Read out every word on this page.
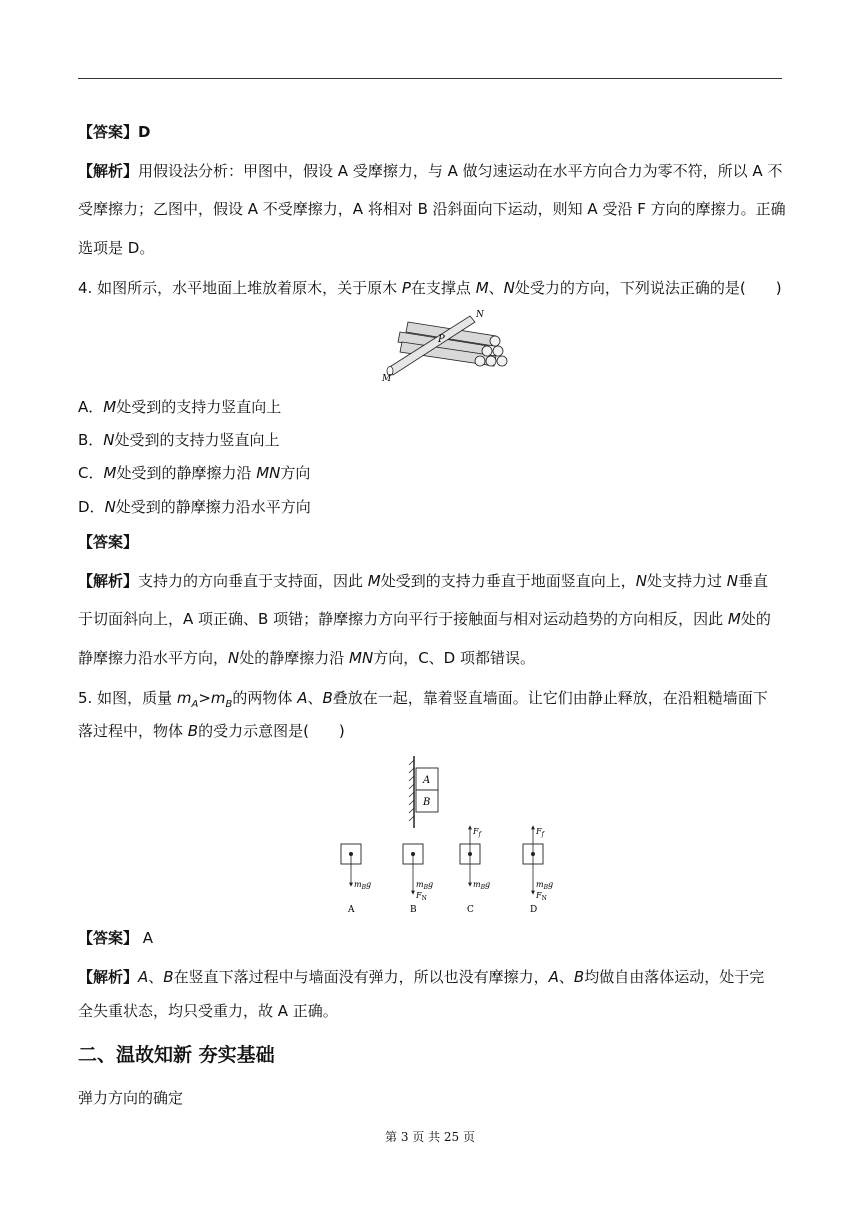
【答案】D
【解析】用假设法分析：甲图中，假设 A 受摩擦力，与 A 做匀速运动在水平方向合力为零不符，所以 A 不
受摩擦力；乙图中，假设 A 不受摩擦力，A 将相对 B 沿斜面向下运动，则知 A 受沿 F 方向的摩擦力。正确
选项是 D。
4. 如图所示，水平地面上堆放着原木，关于原木 P在支撑点 M、N处受力的方向，下列说法正确的是(　　)
N
P
M
A．M处受到的支持力竖直向上
B．N处受到的支持力竖直向上
C．M处受到的静摩擦力沿 MN方向
D．N处受到的静摩擦力沿水平方向
【答案】
【解析】支持力的方向垂直于支持面，因此 M处受到的支持力垂直于地面竖直向上，N处支持力过 N垂直
于切面斜向上，A 项正确、B 项错；静摩擦力方向平行于接触面与相对运动趋势的方向相反，因此 M处的
静摩擦力沿水平方向，N处的静摩擦力沿 MN方向，C、D 项都错误。
5. 如图，质量 $m_A>m_B$的两物体 A、B叠放在一起，靠着竖直墙面。让它们由静止释放，在沿粗糙墙面下
落过程中，物体 B的受力示意图是(　　)
A
B
$m_Bg$
A
$m_Bg$
$F_N$
B
$F_f$
$m_Bg$
C
$F_f$
$m_Bg$
$F_N$
D
【答案】 A
【解析】A、B在竖直下落过程中与墙面没有弹力，所以也没有摩擦力，A、B均做自由落体运动，处于完
全失重状态，均只受重力，故 A 正确。
二、温故知新 夯实基础
弹力方向的确定
第 3 页 共 25 页
